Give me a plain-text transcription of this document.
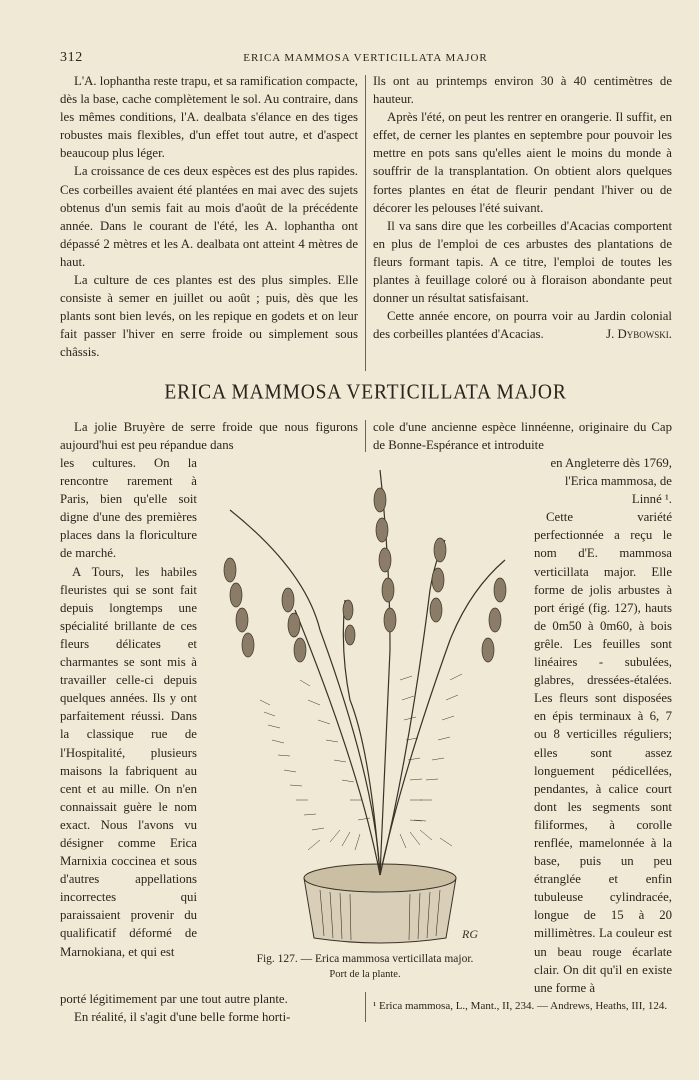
312	ERICA MAMMOSA VERTICILLATA MAJOR

L'A. lophantha reste trapu, et sa ramification compacte, dès la base, cache complètement le sol. Au contraire, dans les mêmes conditions, l'A. dealbata s'élance en des tiges robustes mais flexibles, d'un effet tout autre, et d'aspect beaucoup plus léger.

La croissance de ces deux espèces est des plus rapides. Ces corbeilles avaient été plantées en mai avec des sujets obtenus d'un semis fait au mois d'août de la précédente année. Dans le courant de l'été, les A. lophantha ont dépassé 2 mètres et les A. dealbata ont atteint 4 mètres de haut.

La culture de ces plantes est des plus simples. Elle consiste à semer en juillet ou août ; puis, dès que les plants sont bien levés, on les repique en godets et on leur fait passer l'hiver en serre froide ou simplement sous châssis.

Ils ont au printemps environ 30 à 40 centimètres de hauteur.

Après l'été, on peut les rentrer en orangerie. Il suffit, en effet, de cerner les plantes en septembre pour pouvoir les mettre en pots sans qu'elles aient le moins du monde à souffrir de la transplantation. On obtient alors quelques fortes plantes en état de fleurir pendant l'hiver ou de décorer les pelouses l'été suivant.

Il va sans dire que les corbeilles d'Acacias comportent en plus de l'emploi de ces arbustes des plantations de fleurs formant tapis. A ce titre, l'emploi de toutes les plantes à feuillage coloré ou à floraison abondante peut donner un résultat satisfaisant.

Cette année encore, on pourra voir au Jardin colonial des corbeilles plantées d'Acacias.	J. Dybowski.

ERICA MAMMOSA VERTICILLATA MAJOR

La jolie Bruyère de serre froide que nous figurons aujourd'hui est peu répandue dans

cole d'une ancienne espèce linnéenne, originaire du Cap de Bonne-Espérance et introduite

les cultures. On la rencontre rarement à Paris, bien qu'elle soit digne d'une des premières places dans la floriculture de marché.

A Tours, les habiles fleuristes qui se sont fait depuis longtemps une spécialité brillante de ces fleurs délicates et charmantes se sont mis à travailler celle-ci depuis quelques années. Ils y ont parfaitement réussi. Dans la classique rue de l'Hospitalité, plusieurs maisons la fabriquent au cent et au mille. On n'en connaissait guère le nom exact. Nous l'avons vu désigner comme Erica Marnixia coccinea et sous d'autres appellations incorrectes qui paraissaient provenir du qualificatif déformé de Marnokiana, et qui est

en Angleterre dès 1769, l'Erica mammosa, de Linné ¹.

Cette variété perfectionnée a reçu le nom d'E. mammosa verticillata major. Elle forme de jolis arbustes à port érigé (fig. 127), hauts de 0m50 à 0m60, à bois grêle. Les feuilles sont linéaires - subulées, glabres, dressées-étalées. Les fleurs sont disposées en épis terminaux à 6, 7 ou 8 verticilles réguliers; elles sont assez longuement pédicellées, pendantes, à calice court dont les segments sont filiformes, à corolle renflée, mamelonnée à la base, puis un peu étranglée et enfin tubuleuse cylindracée, longue de 15 à 20 millimètres. La couleur est un beau rouge écarlate clair. On dit qu'il en existe une forme à

RG
Fig. 127. — Erica mammosa verticillata major.
Port de la plante.

porté légitimement par une tout autre plante.

En réalité, il s'agit d'une belle forme horti-

¹ Erica mammosa, L., Mant., II, 234. — Andrews, Heaths, III, 124.
